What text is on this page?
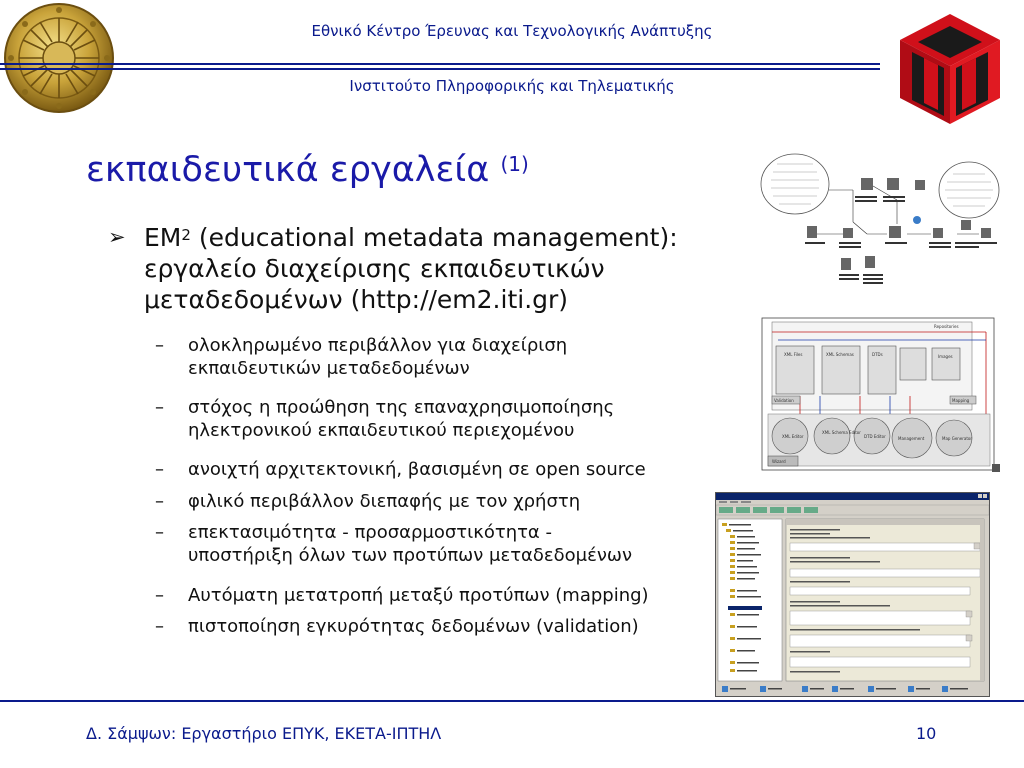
Εθνικό Κέντρο Έρευνας και Τεχνολογικής Ανάπτυξης
Ινστιτούτο Πληροφορικής και Τηλεματικής
εκπαιδευτικά εργαλεία $^{(1)}$
➢ $EM^2$ (educational metadata management):
εργαλείο διαχείρισης εκπαιδευτικών
μεταδεδομένων (http://em2.iti.gr)
– ολοκληρωμένο περιβάλλον για διαχείριση
εκπαιδευτικών μεταδεδομένων
– στόχος η προώθηση της επαναχρησιμοποίησης
ηλεκτρονικού εκπαιδευτικού περιεχομένου
– ανοιχτή αρχιτεκτονική, βασισμένη σε open source
– φιλικό περιβάλλον διεπαφής με τον χρήστη
– επεκτασιμότητα - προσαρμοστικότητα -
υποστήριξη όλων των προτύπων μεταδεδομένων
– Αυτόματη μετατροπή μεταξύ προτύπων (mapping)
– πιστοποίηση εγκυρότητας δεδομένων (validation)
Repositories
XML Files	XML Schemas	DTDs	Images
Validation	Mapping
XML Editor
XML Schema Editor
DTD Editor	Management	Map Generator
Wizard
Δ. Σάμψων: Εργαστήριο ΕΠΥΚ, ΕΚΕΤΑ-ΙΠΤΗΛ	10
